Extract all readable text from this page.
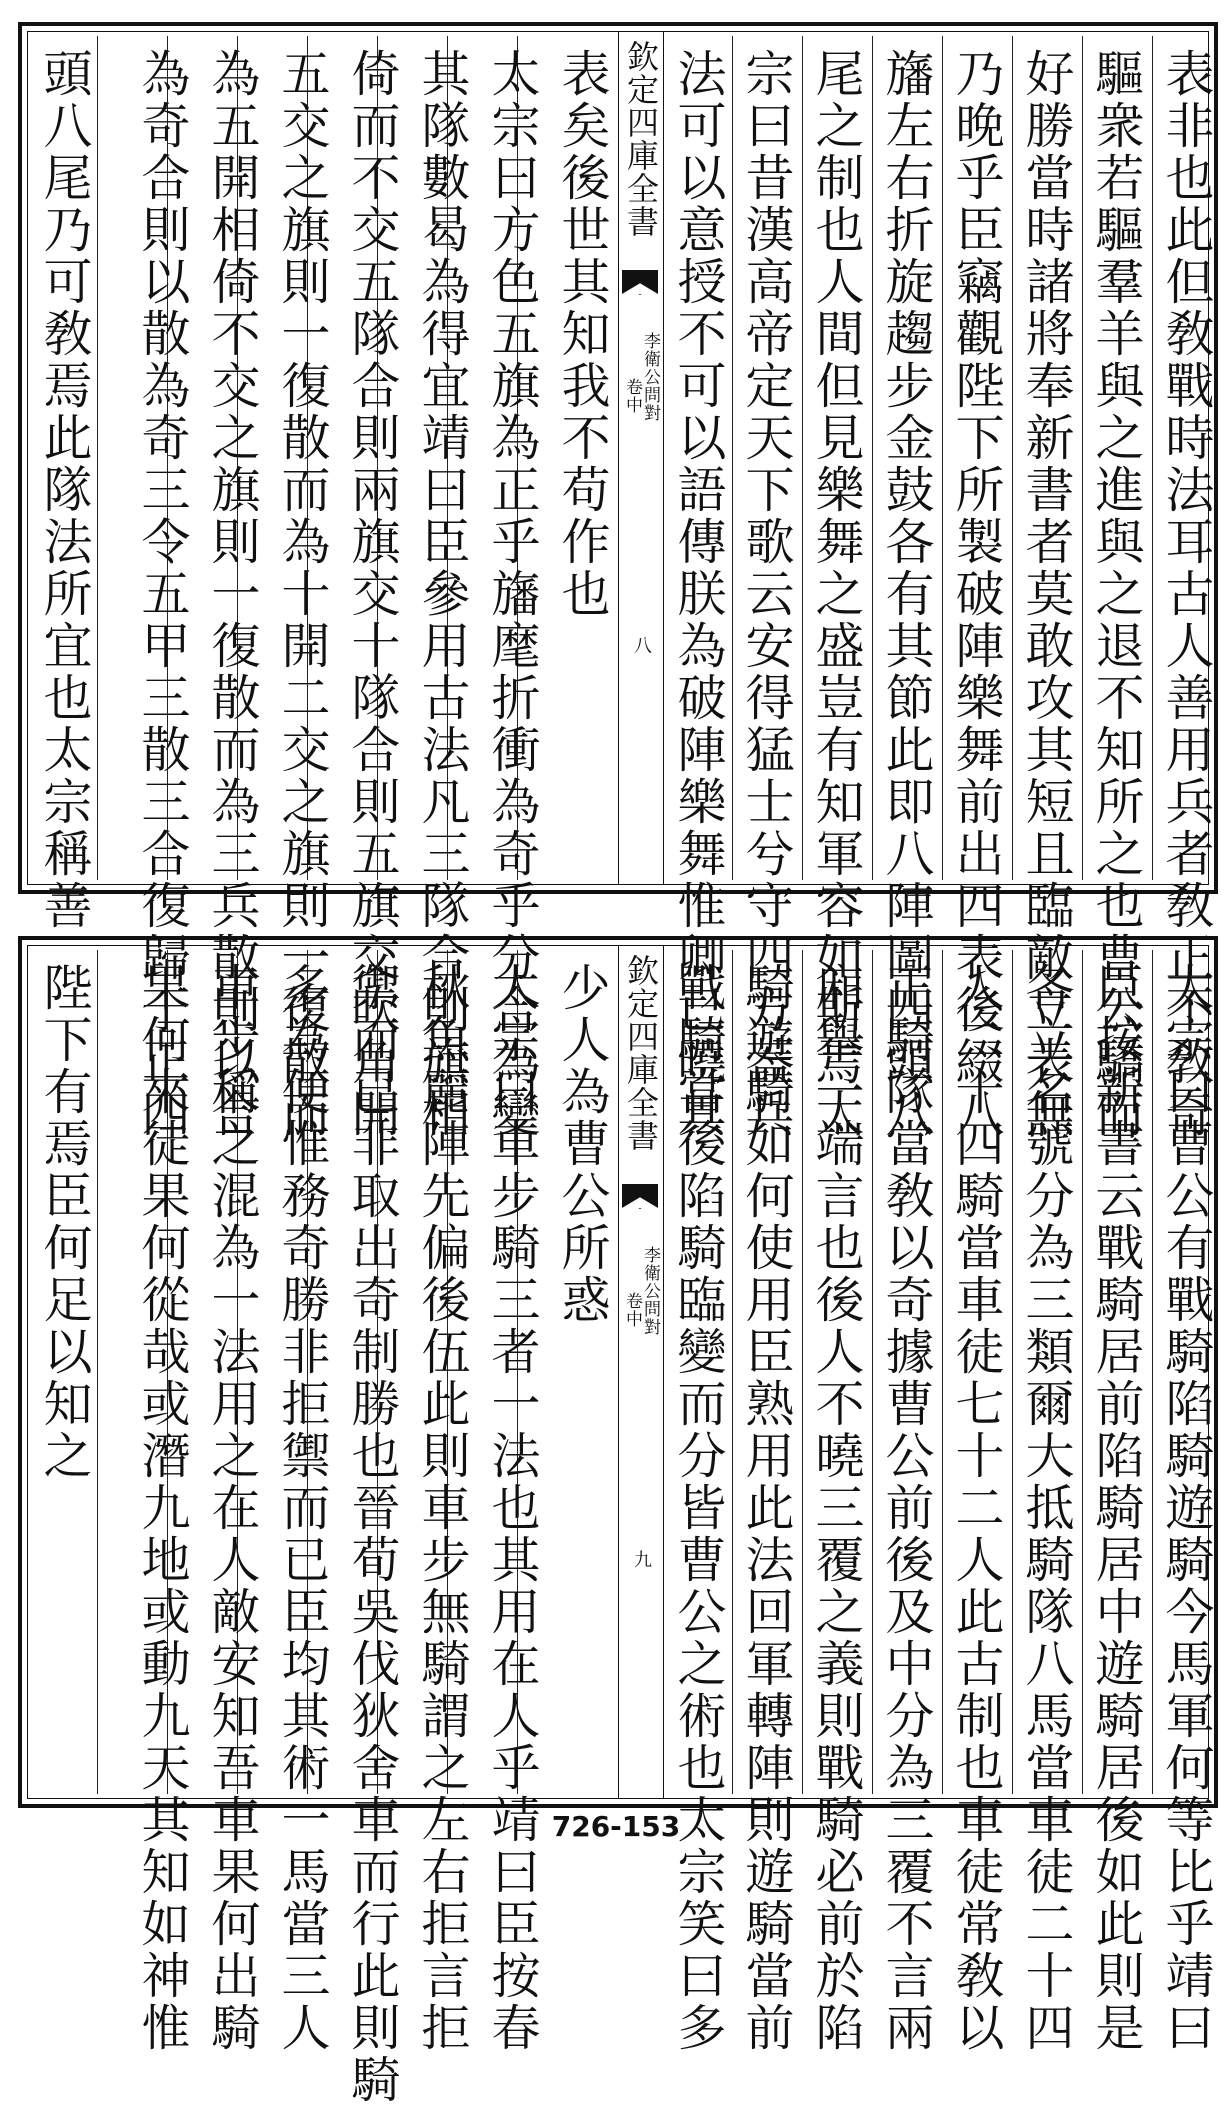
表非也此但敎戰時法耳古人善用兵者敎正不敎奇
驅衆若驅羣羊與之進與之退不知所之也曹公驕而
好勝當時諸將奉新書者莫敢攻其短且臨敵立表無
乃晚乎臣竊觀陛下所製破陣樂舞前出四表後綴八
旛左右折旋趨步金鼓各有其節此即八陣圖四頭八
尾之制也人間但見樂舞之盛豈有知軍容如斯焉太
宗曰昔漢高帝定天下歌云安得猛士兮守四方葢兵
法可以意授不可以語傳朕為破陣樂舞惟卿已曉其
欽定四庫全書
李衛公問對
卷中
八
表矣後世其知我不苟作也
太宗曰方色五旗為正乎旛麾折衝為奇乎分合為變
其隊數曷為得宜靖曰臣參用古法凡三隊合則旗相
倚而不交五隊合則兩旗交十隊合則五旗交吹角開
五交之旗則一復散而為十開二交之旗則一復散而
為五開相倚不交之旗則一復散而為三兵散則以合
為奇合則以散為奇三令五甲三散三合復歸于正四
頭八尾乃可敎焉此隊法所宜也太宗稱善
太宗曰曹公有戰騎陷騎遊騎今馬軍何等比乎靖曰
臣按新書云戰騎居前陷騎居中遊騎居後如此則是
各立名號分為三類爾大抵騎隊八馬當車徒二十四
人二十四騎當車徒七十二人此古制也車徒常敎以
正騎隊當敎以奇據曹公前後及中分為三覆不言兩
廂舉一端言也後人不曉三覆之義則戰騎必前於陷
騎遊騎如何使用臣熟用此法回軍轉陣則遊騎當前
戰騎當後陷騎臨變而分皆曹公之術也太宗笑曰多
欽定四庫全書
李衛公問對
卷中
九
少人為曹公所惑
太宗曰車步騎三者一法也其用在人乎靖曰臣按春
秋魚麗陣先偏後伍此則車步無騎謂之左右拒言拒
禦而已非取出奇制勝也晉荀吳伐狄舍車而行此則騎
多為便惟務奇勝非拒禦而已臣均其術一馬當三人
車步稱之混為一法用之在人敵安知吾車果何出騎
果何來徒果何從哉或潛九地或動九天其知如神惟
陛下有焉臣何足以知之
726-153
